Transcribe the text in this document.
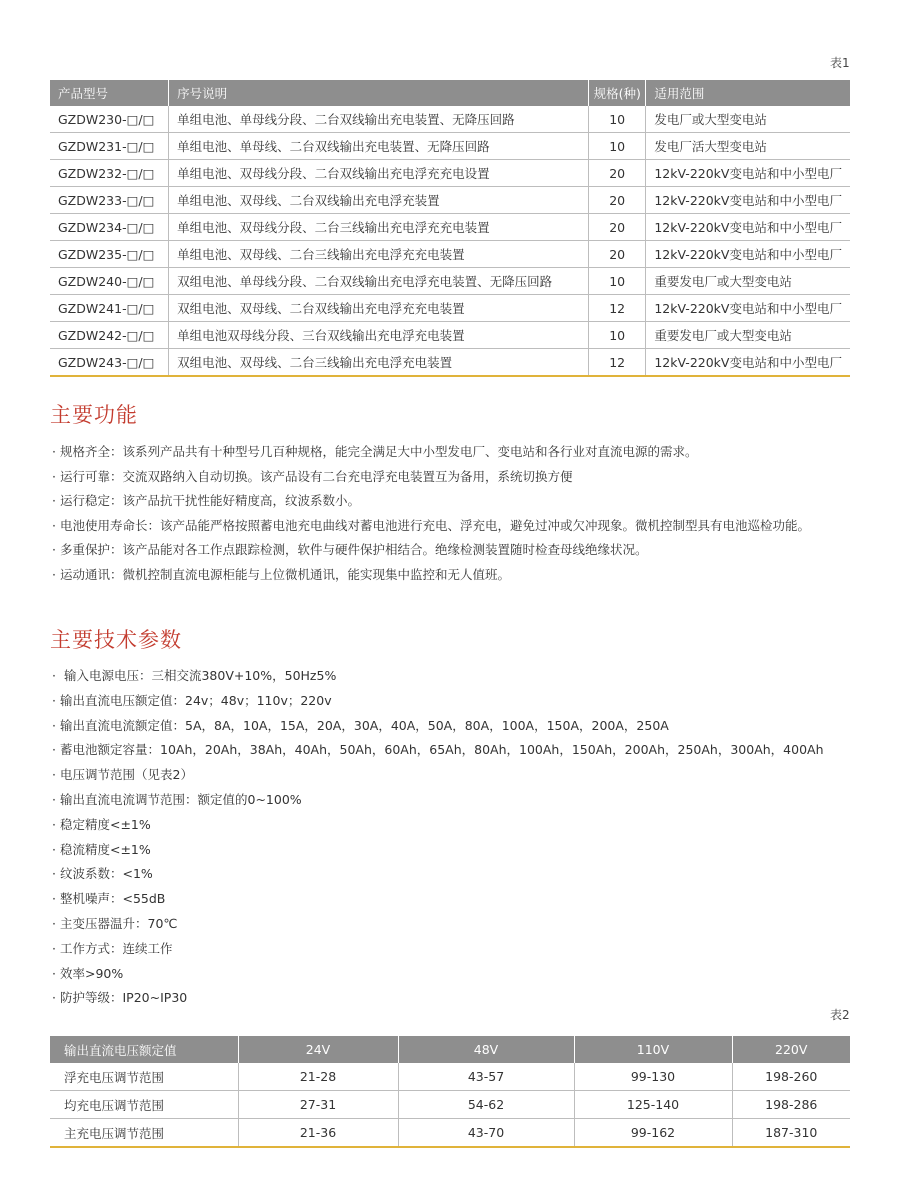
表1
产品型号	序号说明	规格(种)	适用范围
GZDW230-□/□	单组电池、单母线分段、二台双线输出充电装置、无降压回路	10	发电厂或大型变电站
GZDW231-□/□	单组电池、单母线、二台双线输出充电装置、无降压回路	10	发电厂活大型变电站
GZDW232-□/□	单组电池、双母线分段、二台双线输出充电浮充充电设置	20	12kV-220kV变电站和中小型电厂
GZDW233-□/□	单组电池、双母线、二台双线输出充电浮充装置	20	12kV-220kV变电站和中小型电厂
GZDW234-□/□	单组电池、双母线分段、二台三线输出充电浮充充电装置	20	12kV-220kV变电站和中小型电厂
GZDW235-□/□	单组电池、双母线、二台三线输出充电浮充充电装置	20	12kV-220kV变电站和中小型电厂
GZDW240-□/□	双组电池、单母线分段、二台双线输出充电浮充电装置、无降压回路	10	重要发电厂或大型变电站
GZDW241-□/□	双组电池、双母线、二台双线输出充电浮充充电装置	12	12kV-220kV变电站和中小型电厂
GZDW242-□/□	单组电池双母线分段、三台双线输出充电浮充电装置	10	重要发电厂或大型变电站
GZDW243-□/□	双组电池、双母线、二台三线输出充电浮充电装置	12	12kV-220kV变电站和中小型电厂
主要功能
· 规格齐全：该系列产品共有十种型号几百种规格，能完全满足大中小型发电厂、变电站和各行业对直流电源的需求。
· 运行可靠：交流双路纳入自动切换。该产品设有二台充电浮充电装置互为备用，系统切换方便
· 运行稳定：该产品抗干扰性能好精度高，纹波系数小。
· 电池使用寿命长：该产品能严格按照蓄电池充电曲线对蓄电池进行充电、浮充电，避免过冲或欠冲现象。微机控制型具有电池巡检功能。
· 多重保护：该产品能对各工作点跟踪检测，软件与硬件保护相结合。绝缘检测装置随时检查母线绝缘状况。
· 运动通讯：微机控制直流电源柜能与上位微机通讯，能实现集中监控和无人值班。
主要技术参数
· 输入电源电压：三相交流380V+10%，50Hz5%
· 输出直流电压额定值：24v；48v；110v；220v
· 输出直流电流额定值：5A，8A，10A，15A，20A，30A，40A，50A，80A，100A，150A，200A，250A
· 蓄电池额定容量：10Ah，20Ah，38Ah，40Ah，50Ah，60Ah，65Ah，80Ah，100Ah，150Ah，200Ah，250Ah，300Ah，400Ah
· 电压调节范围（见表2）
· 输出直流电流调节范围：额定值的0~100%
· 稳定精度<±1%
· 稳流精度<±1%
· 纹波系数：<1%
· 整机噪声：<55dB
· 主变压器温升：70℃
· 工作方式：连续工作
· 效率>90%
· 防护等级：IP20~IP30
表2
输出直流电压额定值	24V	48V	110V	220V
浮充电压调节范围	21-28	43-57	99-130	198-260
均充电压调节范围	27-31	54-62	125-140	198-286
主充电压调节范围	21-36	43-70	99-162	187-310
